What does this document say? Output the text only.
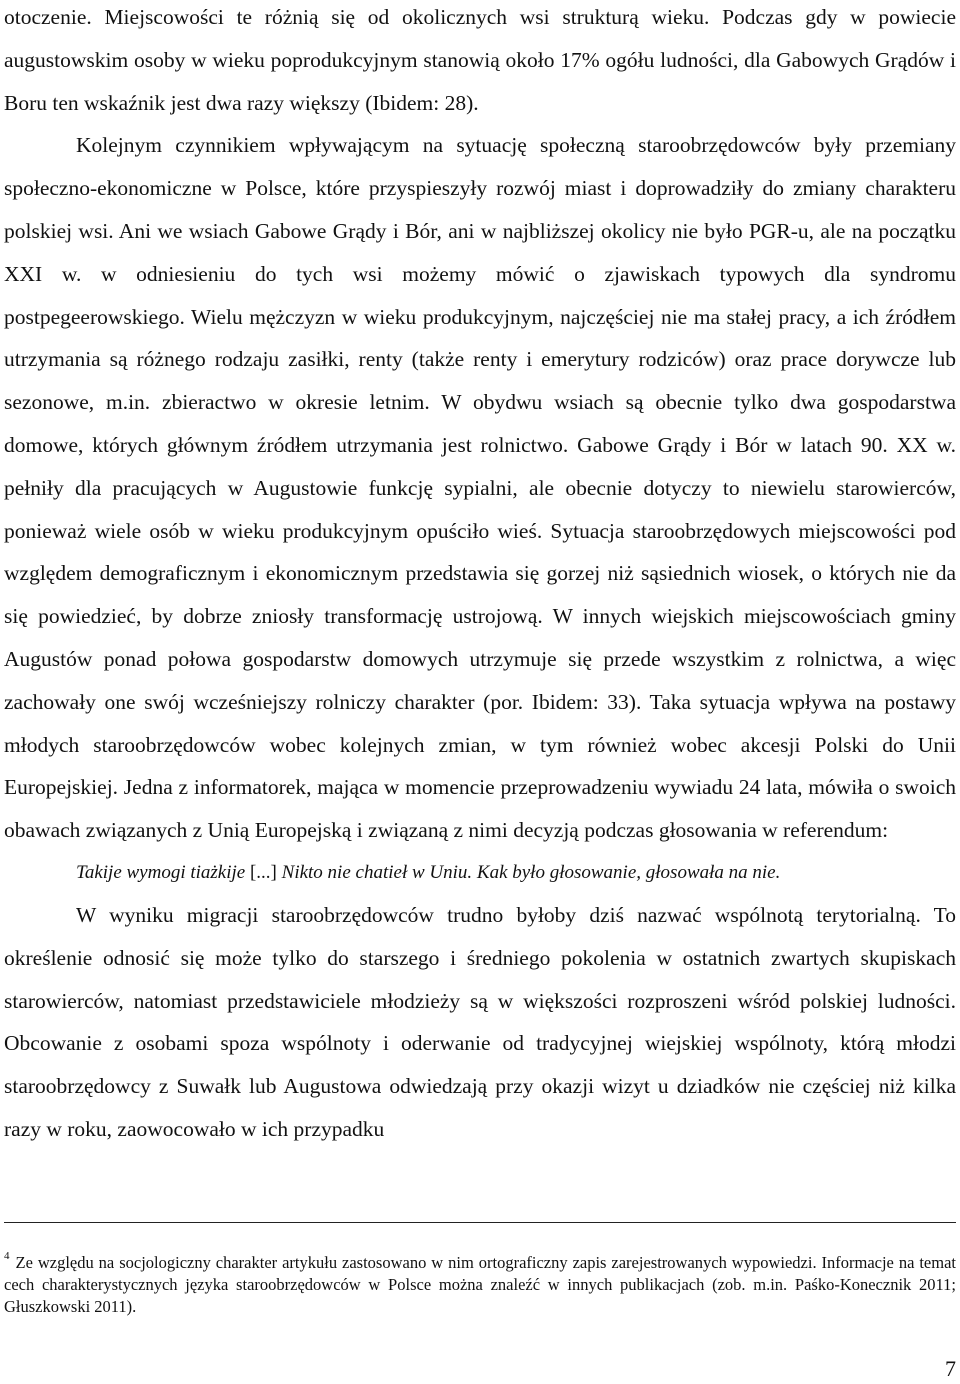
otoczenie. Miejscowości te różnią się od okolicznych wsi strukturą wieku. Podczas gdy w powiecie augustowskim osoby w wieku poprodukcyjnym stanowią około 17% ogółu ludności, dla Gabowych Grądów i Boru ten wskaźnik jest dwa razy większy (Ibidem: 28).

Kolejnym czynnikiem wpływającym na sytuację społeczną staroobrzędowców były przemiany społeczno-ekonomiczne w Polsce, które przyspieszyły rozwój miast i doprowadziły do zmiany charakteru polskiej wsi. Ani we wsiach Gabowe Grądy i Bór, ani w najbliższej okolicy nie było PGR-u, ale na początku XXI w. w odniesieniu do tych wsi możemy mówić o zjawiskach typowych dla syndromu postpegeerowskiego. Wielu mężczyzn w wieku produkcyjnym, najczęściej nie ma stałej pracy, a ich źródłem utrzymania są różnego rodzaju zasiłki, renty (także renty i emerytury rodziców) oraz prace dorywcze lub sezonowe, m.in. zbieractwo w okresie letnim. W obydwu wsiach są obecnie tylko dwa gospodarstwa domowe, których głównym źródłem utrzymania jest rolnictwo. Gabowe Grądy i Bór w latach 90. XX w. pełniły dla pracujących w Augustowie funkcję sypialni, ale obecnie dotyczy to niewielu starowierców, ponieważ wiele osób w wieku produkcyjnym opuściło wieś. Sytuacja staroobrzędowych miejscowości pod względem demograficznym i ekonomicznym przedstawia się gorzej niż sąsiednich wiosek, o których nie da się powiedzieć, by dobrze zniosły transformację ustrojową. W innych wiejskich miejscowościach gminy Augustów ponad połowa gospodarstw domowych utrzymuje się przede wszystkim z rolnictwa, a więc zachowały one swój wcześniejszy rolniczy charakter (por. Ibidem: 33). Taka sytuacja wpływa na postawy młodych staroobrzędowców wobec kolejnych zmian, w tym również wobec akcesji Polski do Unii Europejskiej. Jedna z informatorek, mająca w momencie przeprowadzeniu wywiadu 24 lata, mówiła o swoich obawach związanych z Unią Europejską i związaną z nimi decyzją podczas głosowania w referendum:

Takije wymogi tiażkije [...] Nikto nie chatieł w Uniu. Kak było głosowanie, głosowała na nie.

W wyniku migracji staroobrzędowców trudno byłoby dziś nazwać wspólnotą terytorialną. To określenie odnosić się może tylko do starszego i średniego pokolenia w ostatnich zwartych skupiskach starowierców, natomiast przedstawiciele młodzieży są w większości rozproszeni wśród polskiej ludności. Obcowanie z osobami spoza wspólnoty i oderwanie od tradycyjnej wiejskiej wspólnoty, którą młodzi staroobrzędowcy z Suwałk lub Augustowa odwiedzają przy okazji wizyt u dziadków nie częściej niż kilka razy w roku, zaowocowało w ich przypadku

$^4$ Ze względu na socjologiczny charakter artykułu zastosowano w nim ortograficzny zapis zarejestrowanych wypowiedzi. Informacje na temat cech charakterystycznych języka staroobrzędowców w Polsce można znaleźć w innych publikacjach (zob. m.in. Paśko-Konecznik 2011; Głuszkowski 2011).

7
